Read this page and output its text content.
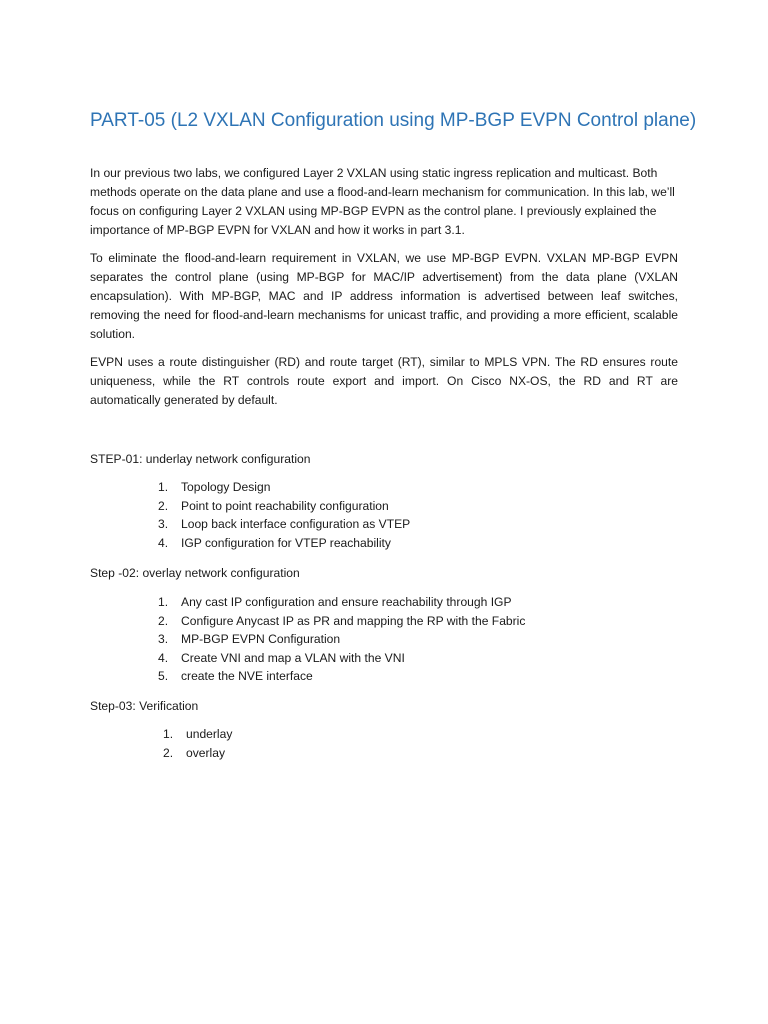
PART-05 (L2 VXLAN Configuration using MP-BGP EVPN Control plane)

In our previous two labs, we configured Layer 2 VXLAN using static ingress replication and multicast. Both methods operate on the data plane and use a flood-and-learn mechanism for communication. In this lab, we’ll focus on configuring Layer 2 VXLAN using MP-BGP EVPN as the control plane. I previously explained the importance of MP-BGP EVPN for VXLAN and how it works in part 3.1.

To eliminate the flood-and-learn requirement in VXLAN, we use MP-BGP EVPN. VXLAN MP-BGP EVPN separates the control plane (using MP-BGP for MAC/IP advertisement) from the data plane (VXLAN encapsulation). With MP-BGP, MAC and IP address information is advertised between leaf switches, removing the need for flood-and-learn mechanisms for unicast traffic, and providing a more efficient, scalable solution.

EVPN uses a route distinguisher (RD) and route target (RT), similar to MPLS VPN. The RD ensures route uniqueness, while the RT controls route export and import. On Cisco NX-OS, the RD and RT are automatically generated by default.

STEP-01: underlay network configuration

1. Topology Design
2. Point to point reachability configuration
3. Loop back interface configuration as VTEP
4. IGP configuration for VTEP reachability

Step -02: overlay network configuration

1. Any cast IP configuration and ensure reachability through IGP
2. Configure Anycast IP as PR and mapping the RP with the Fabric
3. MP-BGP EVPN Configuration
4. Create VNI and map a VLAN with the VNI
5. create the NVE interface

Step-03: Verification

1. underlay
2. overlay
